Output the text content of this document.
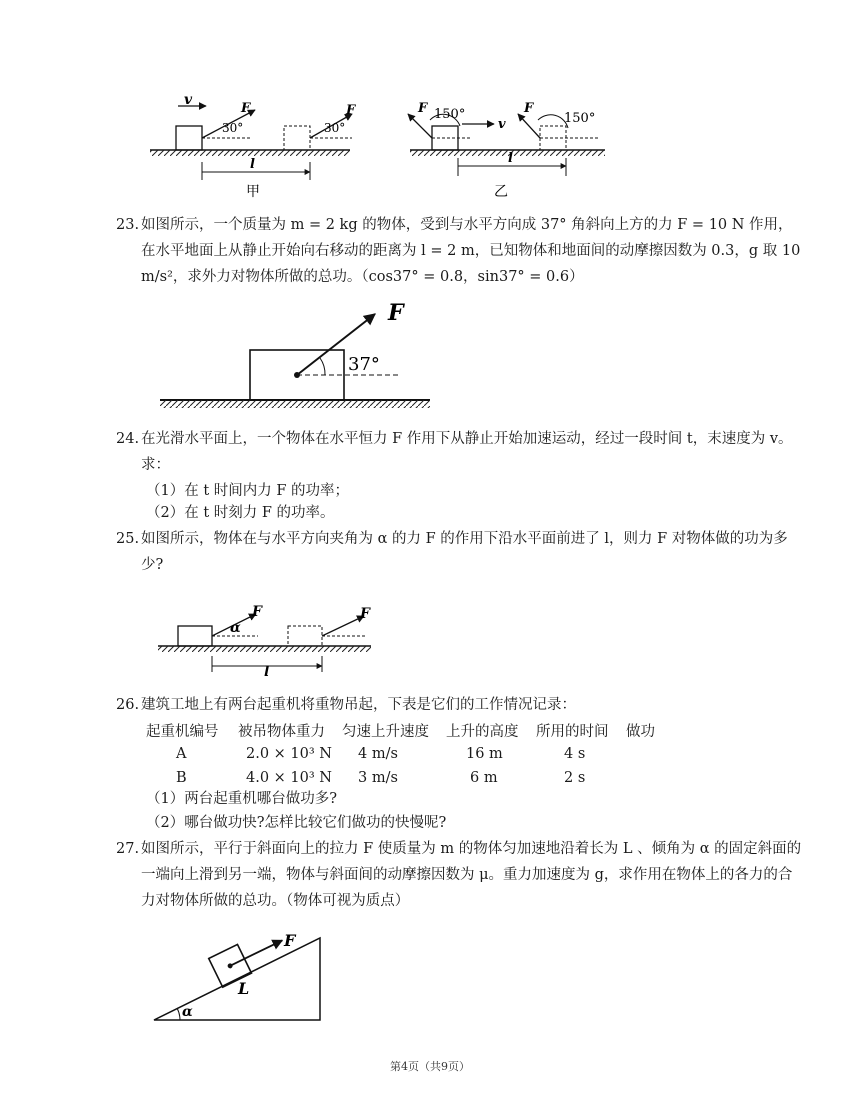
v
F
30°
F
30°
l
甲
F 150°
v
F
150°
l
乙
23. 如图所示，一个质量为 m = 2 kg 的物体，受到与水平方向成 37° 角斜向上方的力 F = 10 N 作用，在水平地面上从静止开始向右移动的距离为 l = 2 m，已知物体和地面间的动摩擦因数为 0.3，g 取 10 m/s²，求外力对物体所做的总功。（cos37° = 0.8，sin37° = 0.6）

F
37°
24. 在光滑水平面上，一个物体在水平恒力 F 作用下从静止开始加速运动，经过一段时间 t，末速度为 v。求：

（1）在 t 时间内力 F 的功率；
（2）在 t 时刻力 F 的功率。
25. 如图所示，物体在与水平方向夹角为 α 的力 F 的作用下沿水平面前进了 l，则力 F 对物体做的功为多少?

F
α
F
l
26. 建筑工地上有两台起重机将重物吊起，下表是它们的工作情况记录：

起重机编号	被吊物体重力	匀速上升速度	上升的高度	所用的时间	做功
A	2.0 × 10³ N	4 m/s	16 m	4 s	
B	4.0 × 10³ N	3 m/s	6 m	2 s	
（1）两台起重机哪台做功多?
（2）哪台做功快?怎样比较它们做功的快慢呢?
27. 如图所示，平行于斜面向上的拉力 F 使质量为 m 的物体匀加速地沿着长为 L 、倾角为 α 的固定斜面的一端向上滑到另一端，物体与斜面间的动摩擦因数为 μ。重力加速度为 g，求作用在物体上的各力的合力对物体所做的总功。（物体可视为质点）

F
L
α
第4页（共9页）
